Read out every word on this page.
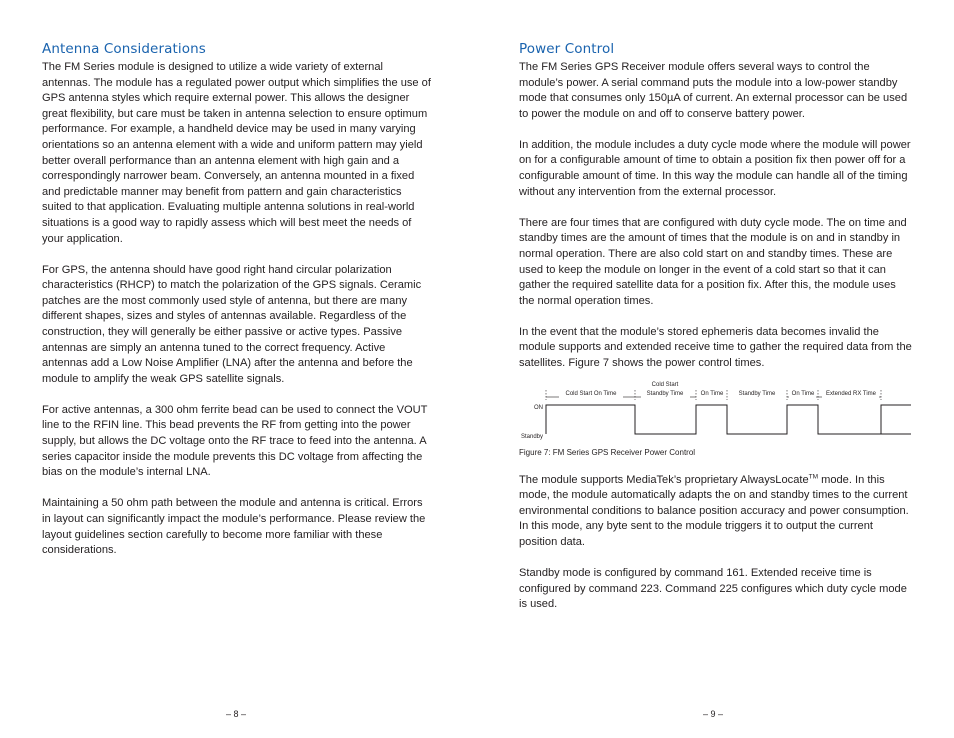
Antenna Considerations

The FM Series module is designed to utilize a wide variety of external antennas. The module has a regulated power output which simplifies the use of GPS antenna styles which require external power. This allows the designer great flexibility, but care must be taken in antenna selection to ensure optimum performance. For example, a handheld device may be used in many varying orientations so an antenna element with a wide and uniform pattern may yield better overall performance than an antenna element with high gain and a correspondingly narrower beam. Conversely, an antenna mounted in a fixed and predictable manner may benefit from pattern and gain characteristics suited to that application. Evaluating multiple antenna solutions in real-world situations is a good way to rapidly assess which will best meet the needs of your application.

For GPS, the antenna should have good right hand circular polarization characteristics (RHCP) to match the polarization of the GPS signals. Ceramic patches are the most commonly used style of antenna, but there are many different shapes, sizes and styles of antennas available. Regardless of the construction, they will generally be either passive or active types. Passive antennas are simply an antenna tuned to the correct frequency. Active antennas add a Low Noise Amplifier (LNA) after the antenna and before the module to amplify the weak GPS satellite signals.

For active antennas, a 300 ohm ferrite bead can be used to connect the VOUT line to the RFIN line. This bead prevents the RF from getting into the power supply, but allows the DC voltage onto the RF trace to feed into the antenna. A series capacitor inside the module prevents this DC voltage from affecting the bias on the module’s internal LNA.

Maintaining a 50 ohm path between the module and antenna is critical. Errors in layout can significantly impact the module’s performance. Please review the layout guidelines section carefully to become more familiar with these considerations.

Power Control

The FM Series GPS Receiver module offers several ways to control the module’s power. A serial command puts the module into a low-power standby mode that consumes only 150µA of current. An external processor can be used to power the module on and off to conserve battery power.

In addition, the module includes a duty cycle mode where the module will power on for a configurable amount of time to obtain a position fix then power off for a configurable amount of time. In this way the module can handle all of the timing without any intervention from the external processor.

There are four times that are configured with duty cycle mode. The on time and standby times are the amount of times that the module is on and in standby in normal operation. There are also cold start on and standby times. These are used to keep the module on longer in the event of a cold start so that it can gather the required satellite data for a position fix. After this, the module uses the normal operation times.

In the event that the module’s stored ephemeris data becomes invalid the module supports and extended receive time to gather the required data from the satellites. Figure 7 shows the power control times.

Cold Start On Time
Cold Start
Standby Time	On Time	Standby Time	On Time Extended RX Time
ON
Standby
Figure 7: FM Series GPS Receiver Power Control

The module supports MediaTek’s proprietary AlwaysLocate™ mode. In this mode, the module automatically adapts the on and standby times to the current environmental conditions to balance position accuracy and power consumption. In this mode, any byte sent to the module triggers it to output the current position data.

Standby mode is configured by command 161. Extended receive time is configured by command 223. Command 225 configures which duty cycle mode is used.

– 8 –	– 9 –
